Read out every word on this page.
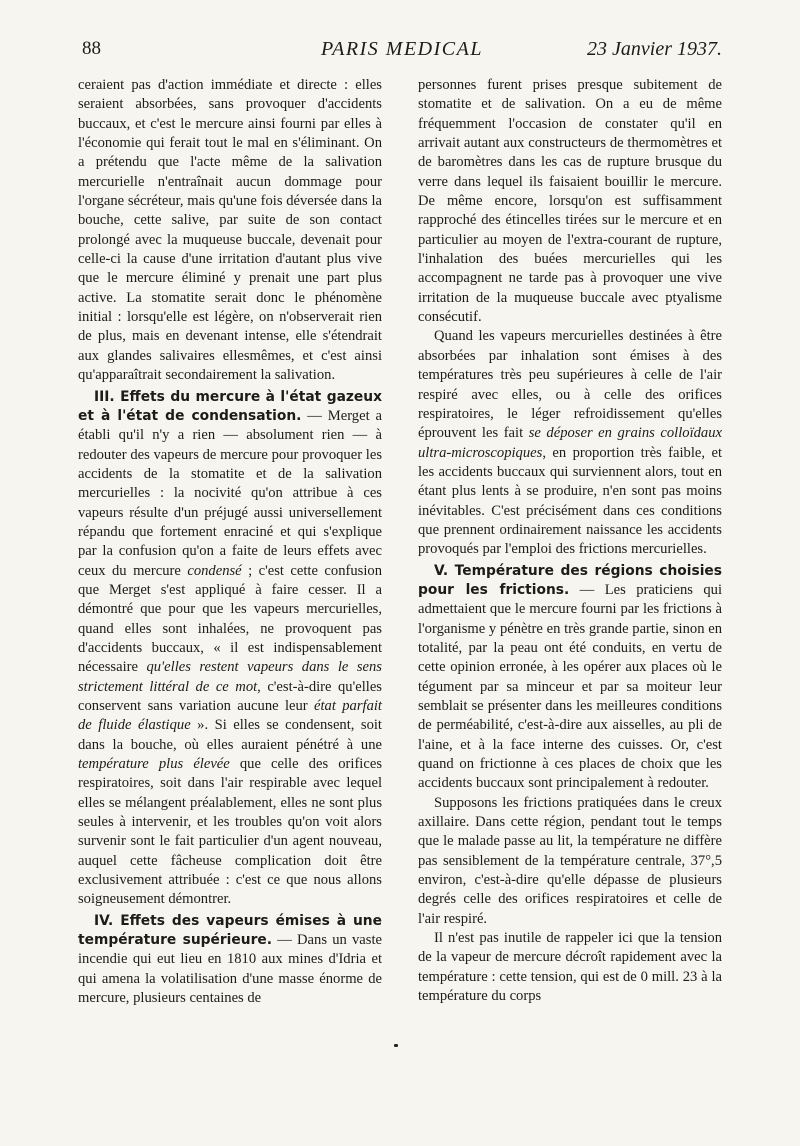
88	PARIS MEDICAL	23 Janvier 1937.

ceraient pas d'action immédiate et directe : elles seraient absorbées, sans provoquer d'accidents buccaux, et c'est le mercure ainsi fourni par elles à l'économie qui ferait tout le mal en s'éliminant. On a prétendu que l'acte même de la salivation mercurielle n'entraînait aucun dommage pour l'organe sécréteur, mais qu'une fois déversée dans la bouche, cette salive, par suite de son contact prolongé avec la muqueuse buccale, devenait pour celle-ci la cause d'une irritation d'autant plus vive que le mercure éliminé y prenait une part plus active. La stomatite serait donc le phénomène initial : lorsqu'elle est légère, on n'observerait rien de plus, mais en devenant intense, elle s'étendrait aux glandes salivaires ellesmêmes, et c'est ainsi qu'apparaîtrait secondairement la salivation.

III. Effets du mercure à l'état gazeux et à l'état de condensation. — Merget a établi qu'il n'y a rien — absolument rien — à redouter des vapeurs de mercure pour provoquer les accidents de la stomatite et de la salivation mercurielles : la nocivité qu'on attribue à ces vapeurs résulte d'un préjugé aussi universellement répandu que fortement enraciné et qui s'explique par la confusion qu'on a faite de leurs effets avec ceux du mercure condensé ; c'est cette confusion que Merget s'est appliqué à faire cesser. Il a démontré que pour que les vapeurs mercurielles, quand elles sont inhalées, ne provoquent pas d'accidents buccaux, « il est indispensablement nécessaire qu'elles restent vapeurs dans le sens strictement littéral de ce mot, c'est-à-dire qu'elles conservent sans variation aucune leur état parfait de fluide élastique ». Si elles se condensent, soit dans la bouche, où elles auraient pénétré à une température plus élevée que celle des orifices respiratoires, soit dans l'air respirable avec lequel elles se mélangent préalablement, elles ne sont plus seules à intervenir, et les troubles qu'on voit alors survenir sont le fait particulier d'un agent nouveau, auquel cette fâcheuse complication doit être exclusivement attribuée : c'est ce que nous allons soigneusement démontrer.

IV. Effets des vapeurs émises à une température supérieure. — Dans un vaste incendie qui eut lieu en 1810 aux mines d'Idria et qui amena la volatilisation d'une masse énorme de mercure, plusieurs centaines de

personnes furent prises presque subitement de stomatite et de salivation. On a eu de même fréquemment l'occasion de constater qu'il en arrivait autant aux constructeurs de thermomètres et de baromètres dans les cas de rupture brusque du verre dans lequel ils faisaient bouillir le mercure. De même encore, lorsqu'on est suffisamment rapproché des étincelles tirées sur le mercure et en particulier au moyen de l'extra-courant de rupture, l'inhalation des buées mercurielles qui les accompagnent ne tarde pas à provoquer une vive irritation de la muqueuse buccale avec ptyalisme consécutif.

Quand les vapeurs mercurielles destinées à être absorbées par inhalation sont émises à des températures très peu supérieures à celle de l'air respiré avec elles, ou à celle des orifices respiratoires, le léger refroidissement qu'elles éprouvent les fait se déposer en grains colloïdaux ultra-microscopiques, en proportion très faible, et les accidents buccaux qui surviennent alors, tout en étant plus lents à se produire, n'en sont pas moins inévitables. C'est précisément dans ces conditions que prennent ordinairement naissance les accidents provoqués par l'emploi des frictions mercurielles.

V. Température des régions choisies pour les frictions. — Les praticiens qui admettaient que le mercure fourni par les frictions à l'organisme y pénètre en très grande partie, sinon en totalité, par la peau ont été conduits, en vertu de cette opinion erronée, à les opérer aux places où le tégument par sa minceur et par sa moiteur leur semblait se présenter dans les meilleures conditions de perméabilité, c'est-à-dire aux aisselles, au pli de l'aine, et à la face interne des cuisses. Or, c'est quand on frictionne à ces places de choix que les accidents buccaux sont principalement à redouter.

Supposons les frictions pratiquées dans le creux axillaire. Dans cette région, pendant tout le temps que le malade passe au lit, la température ne diffère pas sensiblement de la température centrale, 37°,5 environ, c'est-à-dire qu'elle dépasse de plusieurs degrés celle des orifices respiratoires et celle de l'air respiré.

Il n'est pas inutile de rappeler ici que la tension de la vapeur de mercure décroît rapidement avec la température : cette tension, qui est de 0 mill. 23 à la température du corps
